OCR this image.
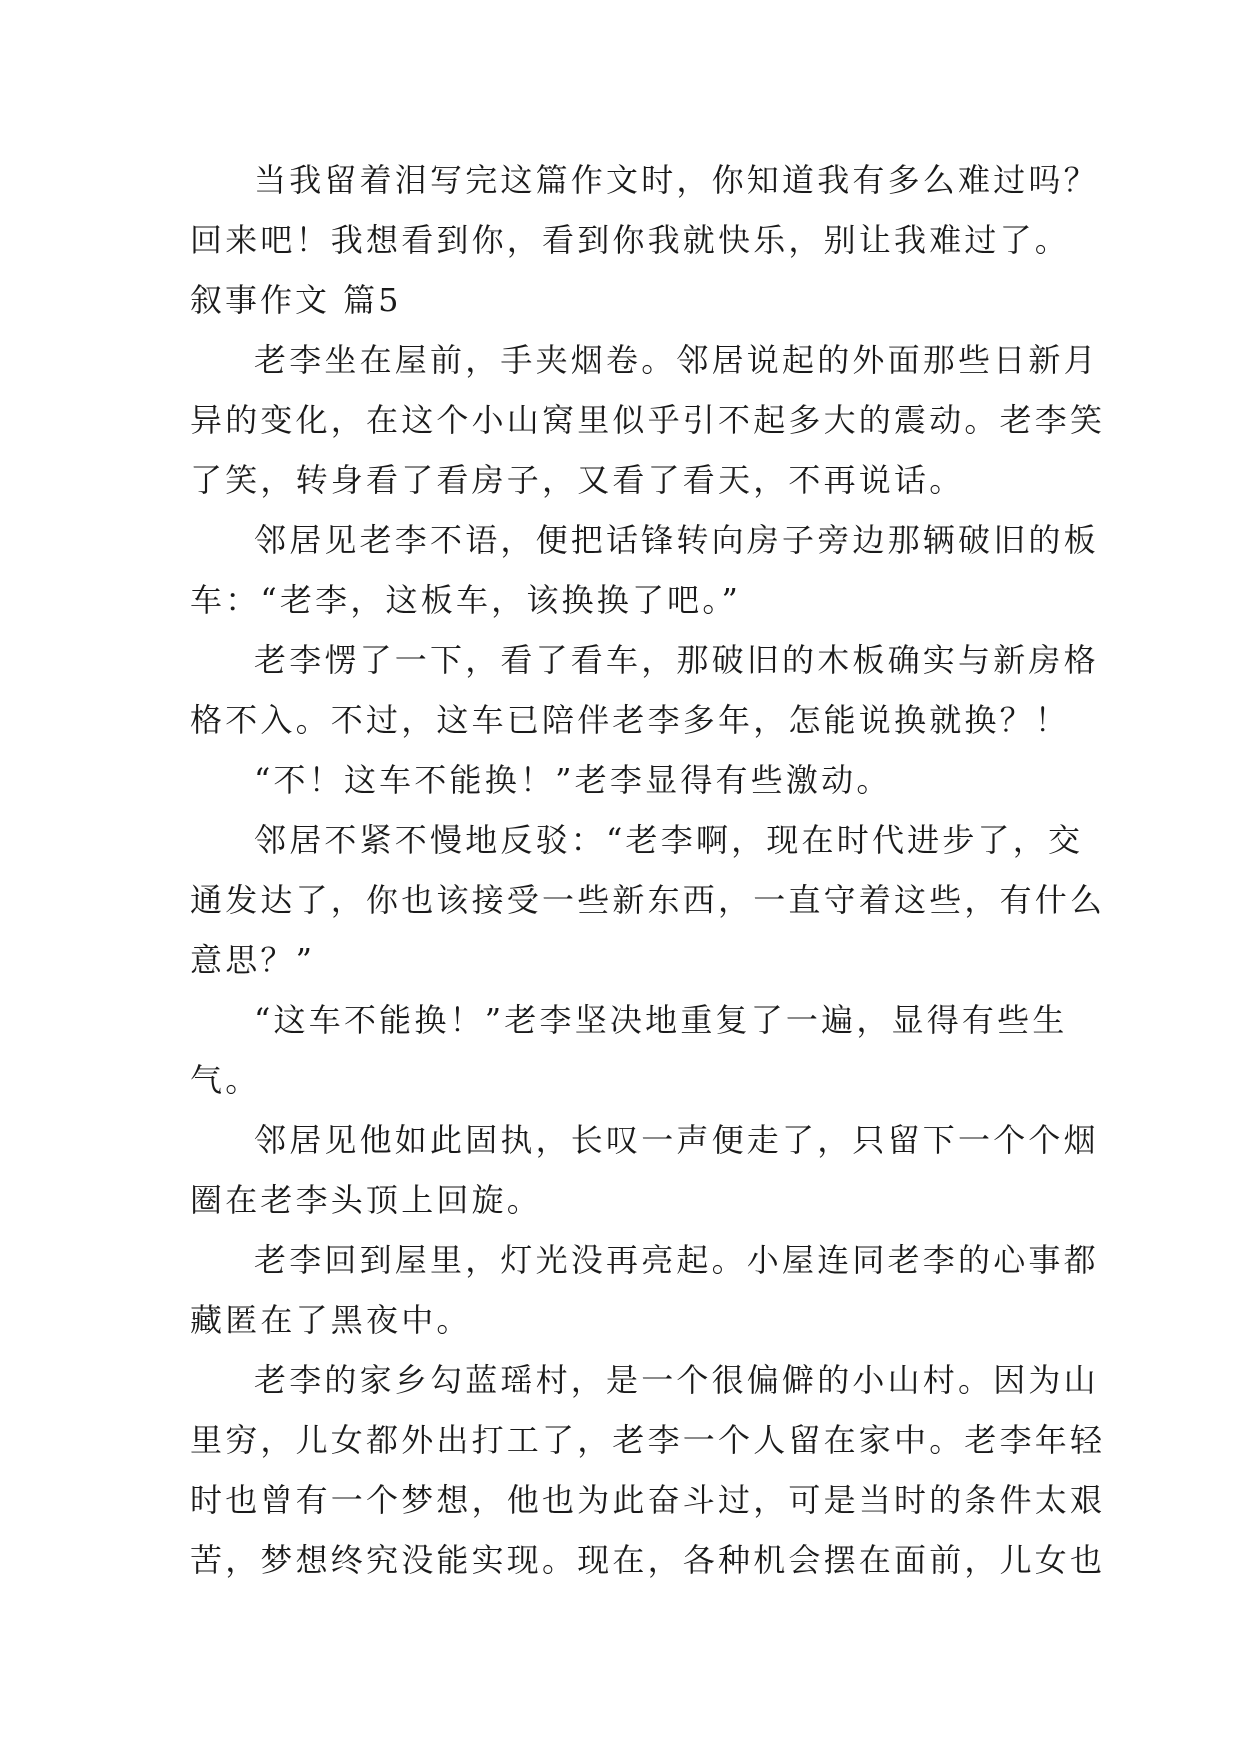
当我留着泪写完这篇作文时，你知道我有多么难过吗？
回来吧！我想看到你，看到你我就快乐，别让我难过了。
叙事作文 篇5
老李坐在屋前，手夹烟卷。邻居说起的外面那些日新月
异的变化，在这个小山窝里似乎引不起多大的震动。老李笑
了笑，转身看了看房子，又看了看天，不再说话。
邻居见老李不语，便把话锋转向房子旁边那辆破旧的板
车：“老李，这板车，该换换了吧。”
老李愣了一下，看了看车，那破旧的木板确实与新房格
格不入。不过，这车已陪伴老李多年，怎能说换就换？！
“不！这车不能换！”老李显得有些激动。
邻居不紧不慢地反驳：“老李啊，现在时代进步了，交
通发达了，你也该接受一些新东西，一直守着这些，有什么
意思？”
“这车不能换！”老李坚决地重复了一遍，显得有些生
气。
邻居见他如此固执，长叹一声便走了，只留下一个个烟
圈在老李头顶上回旋。
老李回到屋里，灯光没再亮起。小屋连同老李的心事都
藏匿在了黑夜中。
老李的家乡勾蓝瑶村，是一个很偏僻的小山村。因为山
里穷，儿女都外出打工了，老李一个人留在家中。老李年轻
时也曾有一个梦想，他也为此奋斗过，可是当时的条件太艰
苦，梦想终究没能实现。现在，各种机会摆在面前，儿女也
